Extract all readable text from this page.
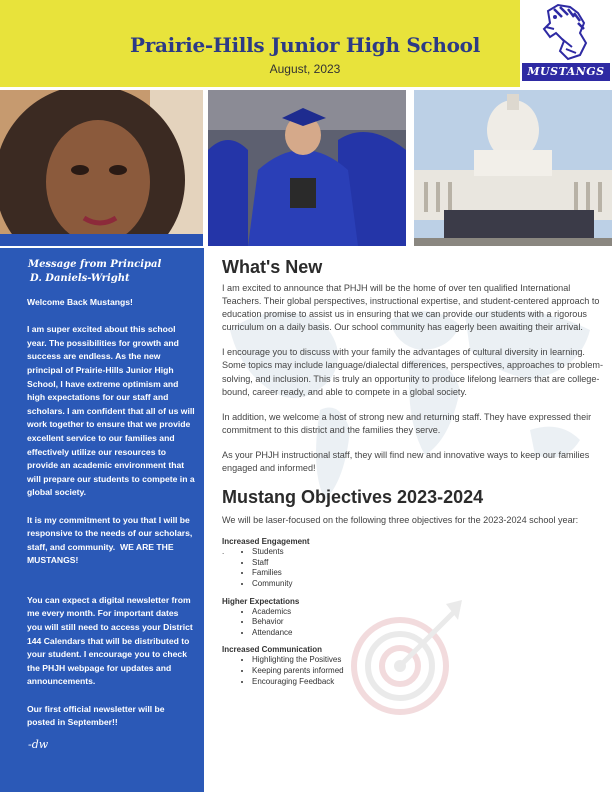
Prairie-Hills Junior High School
August, 2023	MUSTANGS
Message from Principal
D. Daniels-Wright
Welcome Back Mustangs!
I am super excited about this school year. The possibilities for growth and success are endless. As the new principal of Prairie-Hills Junior High School, I have extreme optimism and high expectations for our staff and scholars. I am confident that all of us will work together to ensure that we provide excellent service to our families and effectively utilize our resources to provide an academic environment that will prepare our students to compete in a global society.
It is my commitment to you that I will be responsive to the needs of our scholars, staff, and community. WE ARE THE MUSTANGS!
You can expect a digital newsletter from me every month. For important dates you will still need to access your District 144 Calendars that will be distributed to your student. I encourage you to check the PHJH webpage for updates and announcements.
Our first official newsletter will be posted in September!!
-dw
What's New

I am excited to announce that PHJH will be the home of over ten qualified International Teachers. Their global perspectives, instructional expertise, and student-centered approach to education promise to assist us in ensuring that we can provide our students with a rigorous curriculum on a daily basis. Our school community has eagerly been awaiting their arrival.

I encourage you to discuss with your family the advantages of cultural diversity in learning. Some topics may include language/dialectal differences, perspectives, approaches to problem-solving, and inclusion. This is truly an opportunity to produce lifelong learners that are college-bound, career ready, and able to compete in a global society.

In addition, we welcome a host of strong new and returning staff. They have expressed their commitment to this district and the families they serve.

As your PHJH instructional staff, they will find new and innovative ways to keep our families engaged and informed!

Mustang Objectives 2023-2024

We will be laser-focused on the following three objectives for the 2023-2024 school year:

Increased Engagement
.
•	Students
• Staff
• Families
• Community
Higher Expectations
• Academics
• Behavior
• Attendance
Increased Communication
• Highlighting the Positives
• Keeping parents informed
• Encouraging Feedback
